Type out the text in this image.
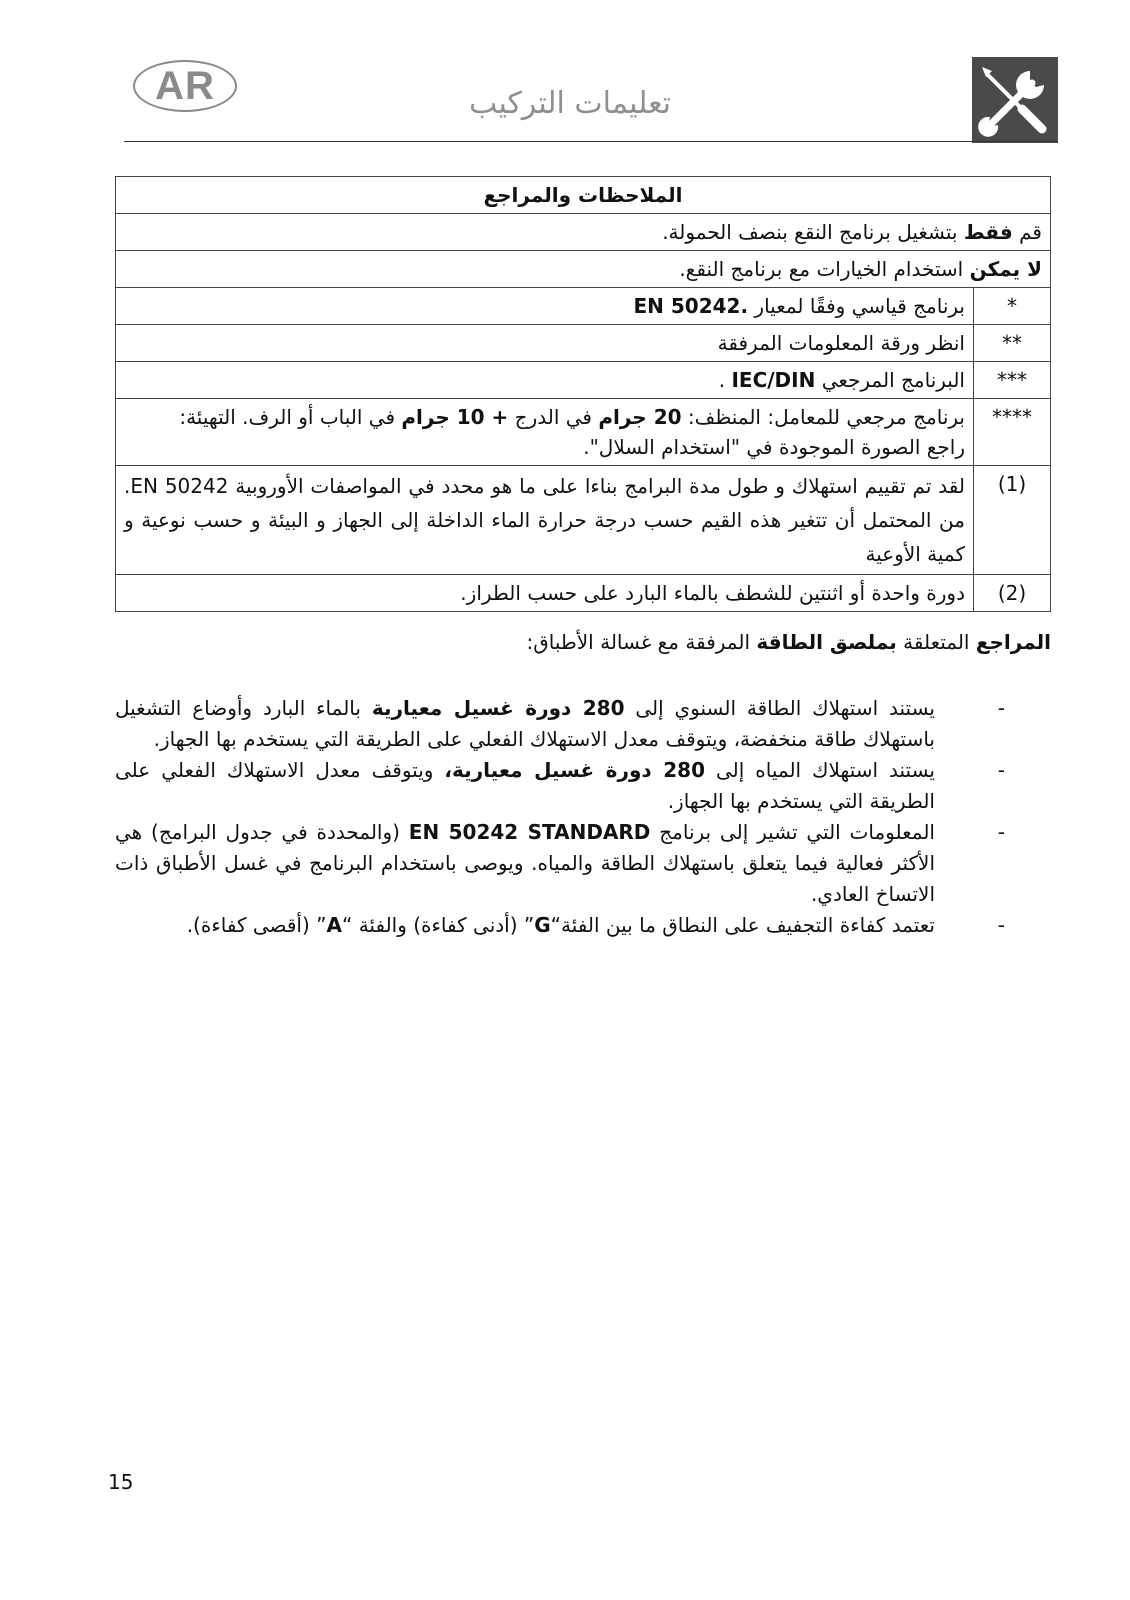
AR	تعليمات التركيب
الملاحظات والمراجع	
قم فقط بتشغيل برنامج النقع بنصف الحمولة.	
لا يمكن استخدام الخيارات مع برنامج النقع.	
*	برنامج قياسي وفقًا لمعيار EN 50242.
**	انظر ورقة المعلومات المرفقة
***	البرنامج المرجعي IEC/DIN .
****	برنامج مرجعي للمعامل: المنظف: 20 جرام في الدرج + 10 جرام في الباب أو الرف. التهيئة:
راجع الصورة الموجودة في "استخدام السلال".

(1)	لقد تم تقييم استهلاك و طول مدة البرامج بناءا على ما هو محدد في المواصفات الأوروبية EN 50242. من المحتمل أن تتغير هذه القيم حسب درجة حرارة الماء الداخلة إلى الجهاز و البيئة و حسب نوعية و كمية الأوعية
(2)	دورة واحدة أو اثنتين للشطف بالماء البارد على حسب الطراز.
المراجع المتعلقة بملصق الطاقة المرفقة مع غسالة الأطباق:
-
يستند استهلاك الطاقة السنوي إلى 280 دورة غسيل معيارية بالماء البارد وأوضاع التشغيل باستهلاك طاقة منخفضة، ويتوقف معدل الاستهلاك الفعلي على الطريقة التي يستخدم بها الجهاز.
-
يستند استهلاك المياه إلى 280 دورة غسيل معيارية، ويتوقف معدل الاستهلاك الفعلي على الطريقة التي يستخدم بها الجهاز.
-
المعلومات التي تشير إلى برنامج EN 50242 STANDARD (والمحددة في جدول البرامج) هي الأكثر فعالية فيما يتعلق باستهلاك الطاقة والمياه. ويوصى باستخدام البرنامج في غسل الأطباق ذات الاتساخ العادي.
-
تعتمد كفاءة التجفيف على النطاق ما بين الفئة“G” (أدنى كفاءة) والفئة “A” (أقصى كفاءة).
15
